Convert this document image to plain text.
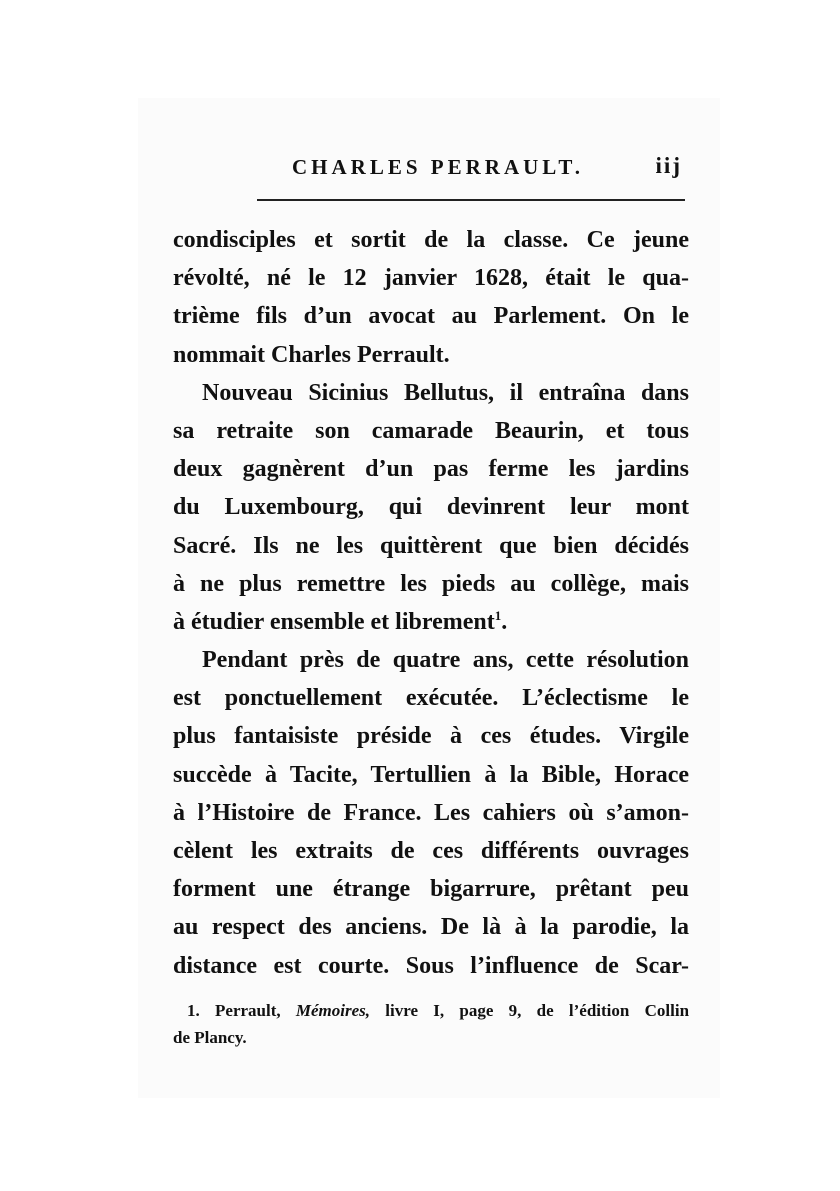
CHARLES PERRAULT.	iij
condisciples et sortit de la classe. Ce jeune
révolté, né le 12 janvier 1628, était le qua-
trième fils d’un avocat au Parlement. On le
nommait Charles Perrault.
Nouveau Sicinius Bellutus, il entraîna dans
sa retraite son camarade Beaurin, et tous
deux gagnèrent d’un pas ferme les jardins
du Luxembourg, qui devinrent leur mont
Sacré. Ils ne les quittèrent que bien décidés
à ne plus remettre les pieds au collège, mais
à étudier ensemble et librement$^1$.
Pendant près de quatre ans, cette résolution
est ponctuellement exécutée. L’éclectisme le
plus fantaisiste préside à ces études. Virgile
succède à Tacite, Tertullien à la Bible, Horace
à l’Histoire de France. Les cahiers où s’amon-
cèlent les extraits de ces différents ouvrages
forment une étrange bigarrure, prêtant peu
au respect des anciens. De là à la parodie, la
distance est courte. Sous l’influence de Scar-
1. Perrault, Mémoires, livre I, page 9, de l’édition Collin
de Plancy.
